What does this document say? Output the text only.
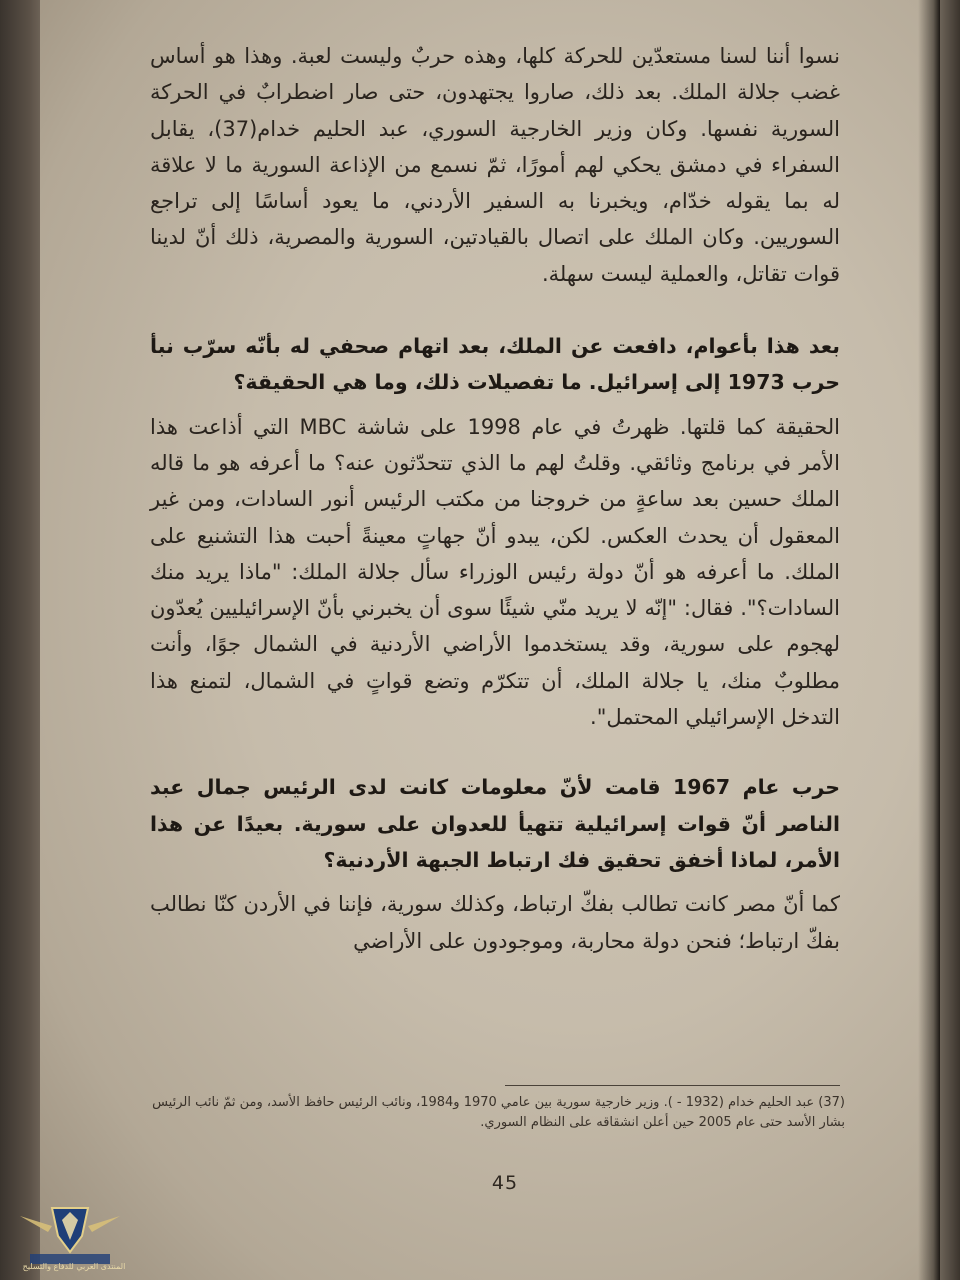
نسوا أننا لسنا مستعدّين للحركة كلها، وهذه حربٌ وليست لعبة. وهذا هو أساس غضب جلالة الملك. بعد ذلك، صاروا يجتهدون، حتى صار اضطرابٌ في الحركة السورية نفسها. وكان وزير الخارجية السوري، عبد الحليم خدام(37)، يقابل السفراء في دمشق يحكي لهم أمورًا، ثمّ نسمع من الإذاعة السورية ما لا علاقة له بما يقوله خدّام، ويخبرنا به السفير الأردني، ما يعود أساسًا إلى تراجع السوريين. وكان الملك على اتصال بالقيادتين، السورية والمصرية، ذلك أنّ لدينا قوات تقاتل، والعملية ليست سهلة.

بعد هذا بأعوام، دافعت عن الملك، بعد اتهام صحفي له بأنّه سرّب نبأ حرب 1973 إلى إسرائيل. ما تفصيلات ذلك، وما هي الحقيقة؟

الحقيقة كما قلتها. ظهرتُ في عام 1998 على شاشة MBC التي أذاعت هذا الأمر في برنامج وثائقي. وقلتُ لهم ما الذي تتحدّثون عنه؟ ما أعرفه هو ما قاله الملك حسين بعد ساعةٍ من خروجنا من مكتب الرئيس أنور السادات، ومن غير المعقول أن يحدث العكس. لكن، يبدو أنّ جهاتٍ معينةً أحبت هذا التشنيع على الملك. ما أعرفه هو أنّ دولة رئيس الوزراء سأل جلالة الملك: "ماذا يريد منك السادات؟". فقال: "إنّه لا يريد منّي شيئًا سوى أن يخبرني بأنّ الإسرائيليين يُعدّون لهجوم على سورية، وقد يستخدموا الأراضي الأردنية في الشمال جوًا، وأنت مطلوبٌ منك، يا جلالة الملك، أن تتكرّم وتضع قواتٍ في الشمال، لتمنع هذا التدخل الإسرائيلي المحتمل".

حرب عام 1967 قامت لأنّ معلومات كانت لدى الرئيس جمال عبد الناصر أنّ قوات إسرائيلية تتهيأ للعدوان على سورية. بعيدًا عن هذا الأمر، لماذا أخفق تحقيق فك ارتباط الجبهة الأردنية؟

كما أنّ مصر كانت تطالب بفكّ ارتباط، وكذلك سورية، فإننا في الأردن كنّا نطالب بفكّ ارتباط؛ فنحن دولة محاربة، وموجودون على الأراضي

(37) عبد الحليم خدام (1932 - ). وزير خارجية سورية بين عامي 1970 و1984، ونائب الرئيس حافظ الأسد، ومن ثمّ نائب الرئيس بشار الأسد حتى عام 2005 حين أعلن انشقاقه على النظام السوري.
45
المنتدى العربي للدفاع والتسليح
